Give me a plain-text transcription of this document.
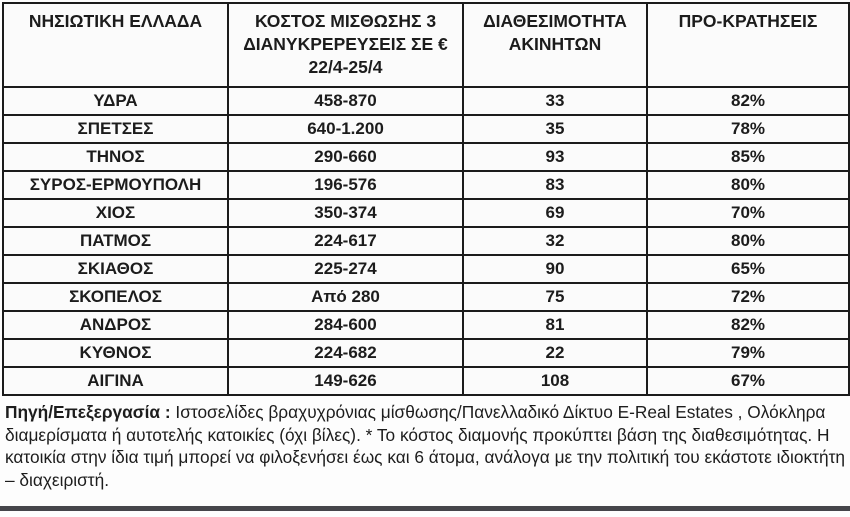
ΝΗΣΙΩΤΙΚΗ ΕΛΛΑΔΑ	ΚΟΣΤΟΣ ΜΙΣΘΩΣΗΣ 3 ΔΙΑΝΥΚΡΕΡΕΥΣΕΙΣ ΣΕ €
22/4-25/4	ΔΙΑΘΕΣΙΜΟΤΗΤΑ ΑΚΙΝΗΤΩΝ	ΠΡΟ-ΚΡΑΤΗΣΕΙΣ
ΥΔΡΑ	458-870	33	82%
ΣΠΕΤΣΕΣ	640-1.200	35	78%
ΤΗΝΟΣ	290-660	93	85%
ΣΥΡΟΣ-ΕΡΜΟΥΠΟΛΗ	196-576	83	80%
ΧΙΟΣ	350-374	69	70%
ΠΑΤΜΟΣ	224-617	32	80%
ΣΚΙΑΘΟΣ	225-274	90	65%
ΣΚΟΠΕΛΟΣ	Από 280	75	72%
ΑΝΔΡΟΣ	284-600	81	82%
ΚΥΘΝΟΣ	224-682	22	79%
ΑΙΓΙΝΑ	149-626	108	67%
Πηγή/Επεξεργασία : Ιστοσελίδες βραχυχρόνιας μίσθωσης/Πανελλαδικό Δίκτυο E-Real Estates , Ολόκληρα διαμερίσματα ή αυτοτελής κατοικίες (όχι βίλες). * Το κόστος διαμονής προκύπτει βάση της διαθεσιμότητας. Η κατοικία στην ίδια τιμή μπορεί να φιλοξενήσει έως και 6 άτομα, ανάλογα με την πολιτική του εκάστοτε ιδιοκτήτη – διαχειριστή.
